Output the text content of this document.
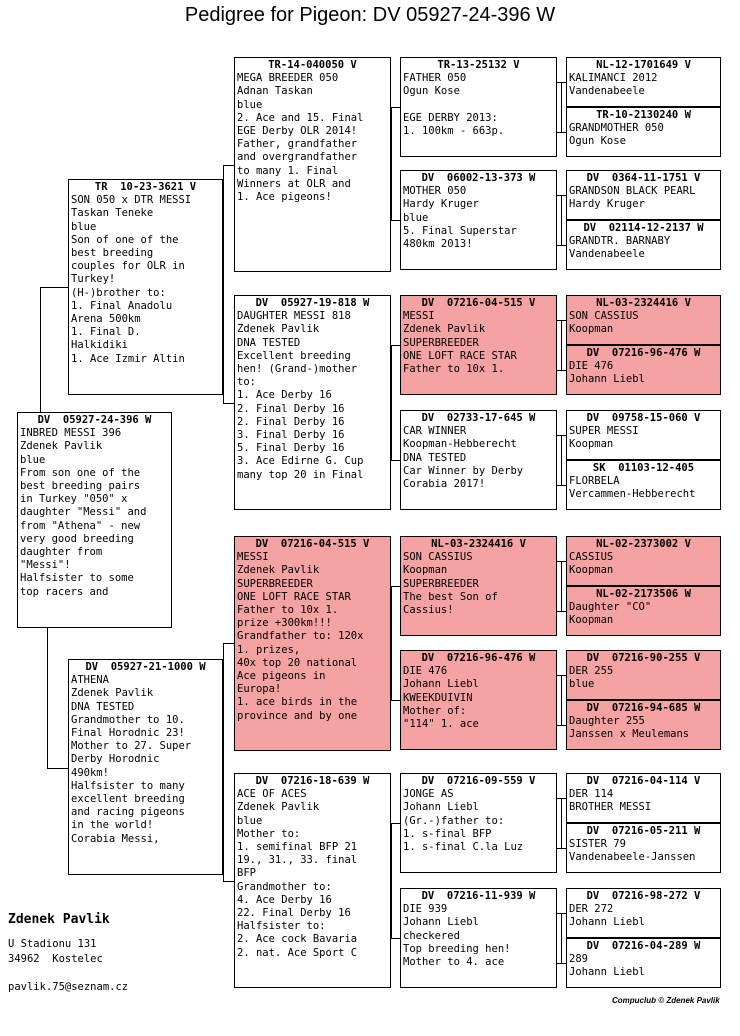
Pedigree for Pigeon: DV 05927-24-396 W
DV  05927-24-396 W
INBRED MESSI 396
Zdenek Pavlik
blue
From son one of the
best breeding pairs
in Turkey "050" x
daughter "Messi" and
from "Athena" - new
very good breeding
daughter from
"Messi"!
Halfsister to some
top racers and
TR  10-23-3621 V
SON 050 x DTR MESSI
Taskan Teneke
blue
Son of one of the
best breeding
couples for OLR in
Turkey!
(H-)brother to:
1. Final Anadolu
Arena 500km
1. Final D.
Halkidiki
1. Ace Izmir Altin
DV  05927-21-1000 W
ATHENA
Zdenek Pavlik
DNA TESTED
Grandmother to 10.
Final Horodnic 23!
Mother to 27. Super
Derby Horodnic
490km!
Halfsister to many
excellent breeding
and racing pigeons
in the world!
Corabia Messi,
TR-14-040050 V
MEGA BREEDER 050
Adnan Taskan
blue
2. Ace and 15. Final
EGE Derby OLR 2014!
Father, grandfather
and overgrandfather
to many 1. Final
Winners at OLR and
1. Ace pigeons!
DV  05927-19-818 W
DAUGHTER MESSI 818
Zdenek Pavlik
DNA TESTED
Excellent breeding
hen! (Grand-)mother
to:
1. Ace Derby 16
2. Final Derby 16
2. Final Derby 16
3. Final Derby 16
5. Final Derby 16
3. Ace Edirne G. Cup
many top 20 in Final
DV  07216-04-515 V
MESSI
Zdenek Pavlik
SUPERBREEDER
ONE LOFT RACE STAR
Father to 10x 1.
prize +300km!!!
Grandfather to: 120x
1. prizes,
40x top 20 national
Ace pigeons in
Europa!
1. ace birds in the
province and by one
DV  07216-18-639 W
ACE OF ACES
Zdenek Pavlik
blue
Mother to:
1. semifinal BFP 21
19., 31., 33. final
BFP
Grandmother to:
4. Ace Derby 16
22. Final Derby 16
Halfsister to:
2. Ace cock Bavaria
2. nat. Ace Sport C
TR-13-25132 V
FATHER 050
Ogun Kose
EGE DERBY 2013:
1. 100km - 663p.
DV  06002-13-373 W
MOTHER 050
Hardy Kruger
blue
5. Final Superstar
480km 2013!
DV  07216-04-515 V
MESSI
Zdenek Pavlik
SUPERBREEDER
ONE LOFT RACE STAR
Father to 10x 1.
DV  02733-17-645 W
CAR WINNER
Koopman-Hebberecht
DNA TESTED
Car Winner by Derby
Corabia 2017!
NL-03-2324416 V
SON CASSIUS
Koopman
SUPERBREEDER
The best Son of
Cassius!
DV  07216-96-476 W
DIE 476
Johann Liebl
KWEEKDUIVIN
Mother of:
"114" 1. ace
DV  07216-09-559 V
JONGE AS
Johann Liebl
(Gr.-)father to:
1. s-final BFP
1. s-final C.la Luz
DV  07216-11-939 W
DIE 939
Johann Liebl
checkered
Top breeding hen!
Mother to 4. ace
NL-12-1701649 V
KALIMANCI 2012
Vandenabeele
TR-10-2130240 W
GRANDMOTHER 050
Ogun Kose
DV  0364-11-1751 V
GRANDSON BLACK PEARL
Hardy Kruger
DV  02114-12-2137 W
GRANDTR. BARNABY
Vandenabeele
NL-03-2324416 V
SON CASSIUS
Koopman
DV  07216-96-476 W
DIE 476
Johann Liebl
DV  09758-15-060 V
SUPER MESSI
Koopman
SK  01103-12-405
FLORBELA
Vercammen-Hebberecht
NL-02-2373002 V
CASSIUS
Koopman
NL-02-2173506 W
Daughter "CO"
Koopman
DV  07216-90-255 V
DER 255
blue
DV  07216-94-685 W
Daughter 255
Janssen x Meulemans
DV  07216-04-114 V
DER 114
BROTHER MESSI
DV  07216-05-211 W
SISTER 79
Vandenabeele-Janssen
DV  07216-98-272 V
DER 272
Johann Liebl
DV  07216-04-289 W
289
Johann Liebl
Zdenek Pavlik
U Stadionu 131
34962  Kostelec
pavlik.75@seznam.cz
Compuclub © Zdenek Pavlik
